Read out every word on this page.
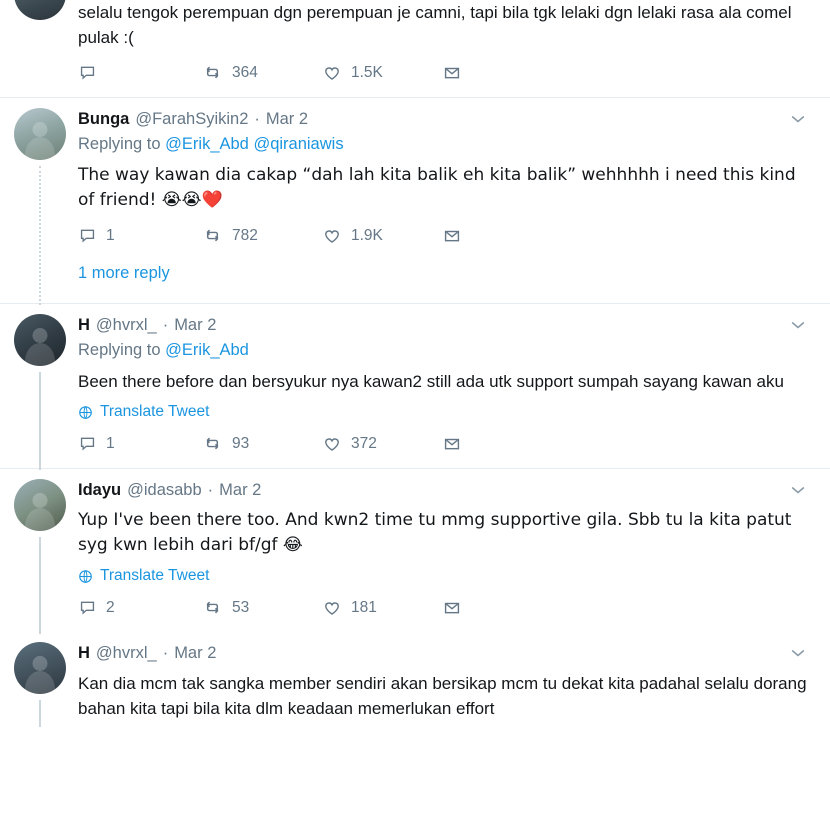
selalu tengok perempuan dgn perempuan je camni, tapi bila tgk lelaki dgn lelaki rasa ala comel pulak :(
364	1.5K
Bunga @FarahSyikin2 · Mar 2
Replying to @Erik_Abd @qiraniawis
The way kawan dia cakap “dah lah kita balik eh kita balik” wehhhhh i need this kind of friend! 😭😭❤️
1	782	1.9K
1 more reply
H @hvrxl_ · Mar 2
Replying to @Erik_Abd
Been there before dan bersyukur nya kawan2 still ada utk support sumpah sayang kawan aku
Translate Tweet
1	93	372
Idayu @idasabb · Mar 2
Yup I've been there too. And kwn2 time tu mmg supportive gila. Sbb tu la kita patut syg kwn lebih dari bf/gf 😂
Translate Tweet
2	53	181
H @hvrxl_ · Mar 2
Kan dia mcm tak sangka member sendiri akan bersikap mcm tu dekat kita padahal selalu dorang bahan kita tapi bila kita dlm keadaan memerlukan effort
